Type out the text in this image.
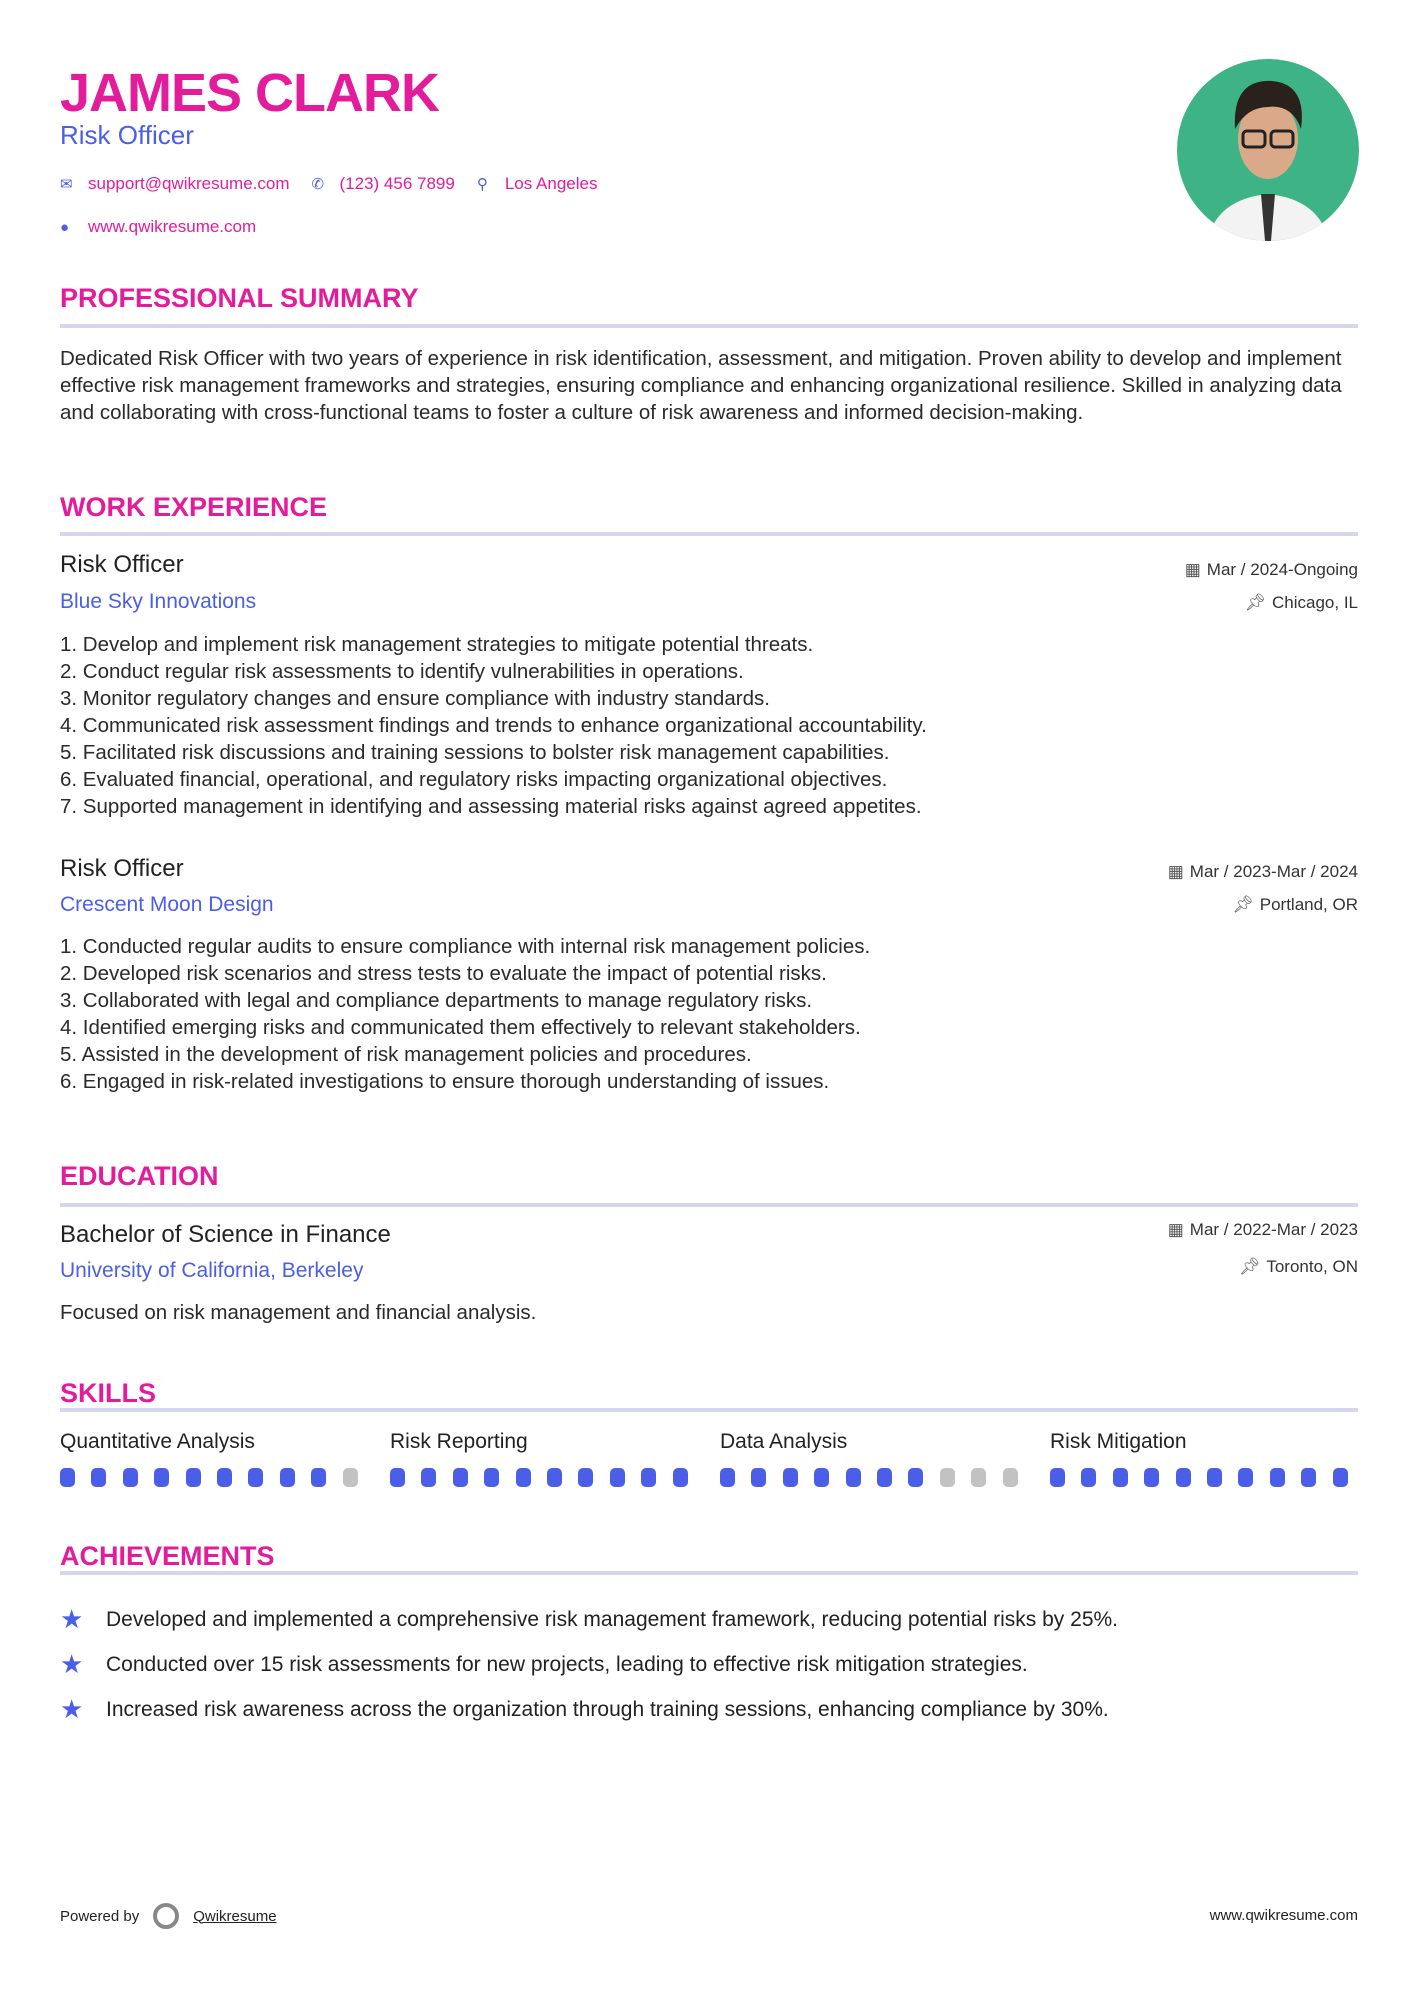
JAMES CLARK
Risk Officer
✉ support@qwikresume.com ✆ (123) 456 7899 ⚲	Los Angeles
●	www.qwikresume.com
PROFESSIONAL SUMMARY

Dedicated Risk Officer with two years of experience in risk identification, assessment, and mitigation. Proven ability to develop and implement effective risk management frameworks and strategies, ensuring compliance and enhancing organizational resilience. Skilled in analyzing data and collaborating with cross-functional teams to foster a culture of risk awareness and informed decision-making.

WORK EXPERIENCE
Risk Officer
Blue Sky Innovations
▦ Mar / 2024-Ongoing
📌︎ Chicago, IL
1. Develop and implement risk management strategies to mitigate potential threats.
2. Conduct regular risk assessments to identify vulnerabilities in operations.
3. Monitor regulatory changes and ensure compliance with industry standards.
4. Communicated risk assessment findings and trends to enhance organizational accountability.
5. Facilitated risk discussions and training sessions to bolster risk management capabilities.
6. Evaluated financial, operational, and regulatory risks impacting organizational objectives.
7. Supported management in identifying and assessing material risks against agreed appetites.
Risk Officer
Crescent Moon Design
▦ Mar / 2023-Mar / 2024
📌︎ Portland, OR
1. Conducted regular audits to ensure compliance with internal risk management policies.
2. Developed risk scenarios and stress tests to evaluate the impact of potential risks.
3. Collaborated with legal and compliance departments to manage regulatory risks.
4. Identified emerging risks and communicated them effectively to relevant stakeholders.
5. Assisted in the development of risk management policies and procedures.
6. Engaged in risk-related investigations to ensure thorough understanding of issues.
EDUCATION
Bachelor of Science in Finance
University of California, Berkeley
▦ Mar / 2022-Mar / 2023
📌︎ Toronto, ON
Focused on risk management and financial analysis.
SKILLS
Quantitative Analysis	Risk Reporting	Data Analysis	Risk Mitigation
ACHIEVEMENTS
★	Developed and implemented a comprehensive risk management framework, reducing potential risks by 25%.
★	Conducted over 15 risk assessments for new projects, leading to effective risk mitigation strategies.
★	Increased risk awareness across the organization through training sessions, enhancing compliance by 30%.
Powered by	Qwikresume	www.qwikresume.com
